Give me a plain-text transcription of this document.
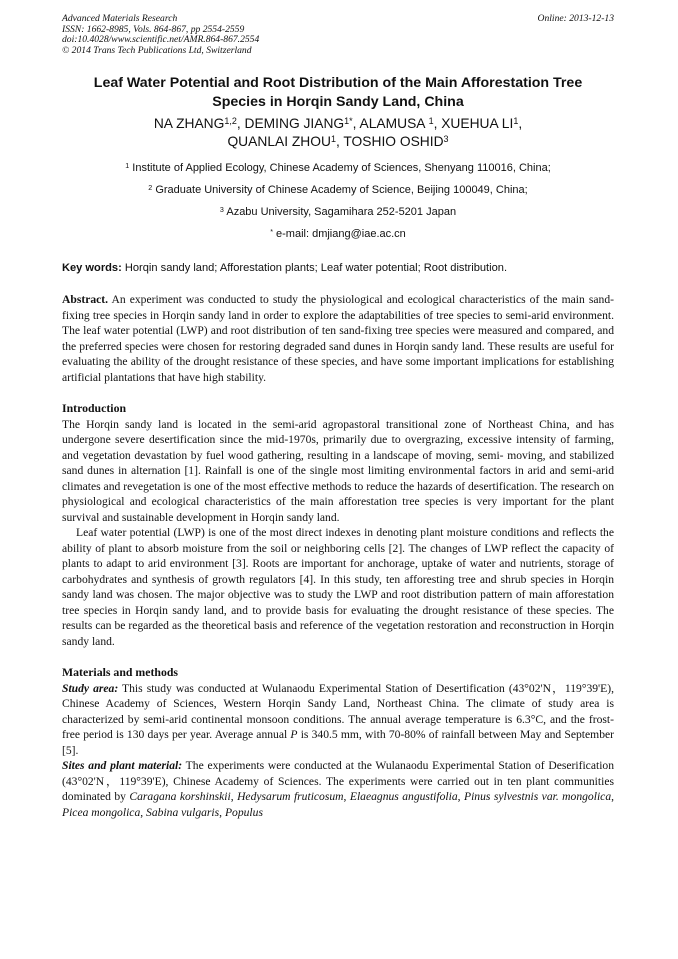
Advanced Materials Research
ISSN: 1662-8985, Vols. 864-867, pp 2554-2559
doi:10.4028/www.scientific.net/AMR.864-867.2554
© 2014 Trans Tech Publications Ltd, Switzerland
Online: 2013-12-13
Leaf Water Potential and Root Distribution of the Main Afforestation Tree
Species in Horqin Sandy Land, China
NA ZHANG$^{1,2}$, DEMING $JIANG^{1*}$, ALAMUSA $^1$, XUEHUA $LI^1$,
QUANLAI ZHOU$^1$, TOSHIO OSHID$^3$
$^1$ Institute of Applied Ecology, Chinese Academy of Sciences, Shenyang 110016, China;
$^2$ Graduate University of Chinese Academy of Science, Beijing 100049, China;
$^3$ Azabu University, Sagamihara 252-5201 Japan
* e-mail: dmjiang@iae.ac.cn
Key words: Horqin sandy land; Afforestation plants; Leaf water potential; Root distribution.

Abstract. An experiment was conducted to study the physiological and ecological characteristics of the main sand-fixing tree species in Horqin sandy land in order to explore the adaptabilities of tree species to semi-arid environment. The leaf water potential (LWP) and root distribution of ten sand-fixing tree species were measured and compared, and the preferred species were chosen for restoring degraded sand dunes in Horqin sandy land. These results are useful for evaluating the ability of the drought resistance of these species, and have some important implications for establishing artificial plantations that have high stability.

Introduction

The Horqin sandy land is located in the semi-arid agropastoral transitional zone of Northeast China, and has undergone severe desertification since the mid-1970s, primarily due to overgrazing, excessive intensity of farming, and vegetation devastation by fuel wood gathering, resulting in a landscape of moving, semi- moving, and stabilized sand dunes in alternation [1]. Rainfall is one of the single most limiting environmental factors in arid and semi-arid climates and revegetation is one of the most effective methods to reduce the hazards of desertification. The research on physiological and ecological characteristics of the main afforestation tree species is very important for the plant survival and sustainable development in Horqin sandy land.

Leaf water potential (LWP) is one of the most direct indexes in denoting plant moisture conditions and reflects the ability of plant to absorb moisture from the soil or neighboring cells [2]. The changes of LWP reflect the capacity of plants to adapt to arid environment [3]. Roots are important for anchorage, uptake of water and nutrients, storage of carbohydrates and synthesis of growth regulators [4]. In this study, ten afforesting tree and shrub species in Horqin sandy land was chosen. The major objective was to study the LWP and root distribution pattern of main afforestation tree species in Horqin sandy land, and to provide basis for evaluating the drought resistance of these species. The results can be regarded as the theoretical basis and reference of the vegetation restoration and reconstruction in Horqin sandy land.

Materials and methods

Study area: This study was conducted at Wulanaodu Experimental Station of Desertification (43°02'N，119°39'E), Chinese Academy of Sciences, Western Horqin Sandy Land, Northeast China. The climate of study area is characterized by semi-arid continental monsoon conditions. The annual average temperature is 6.3°C, and the frost-free period is 130 days per year. Average annual P is 340.5 mm, with 70-80% of rainfall between May and September [5].

Sites and plant material: The experiments were conducted at the Wulanaodu Experimental Station of Deserification (43°02'N，119°39'E), Chinese Academy of Sciences. The experiments were carried out in ten plant communities dominated by Caragana korshinskii, Hedysarum fruticosum, Elaeagnus angustifolia, Pinus sylvestnis var. mongolica, Picea mongolica, Sabina vulgaris, Populus
